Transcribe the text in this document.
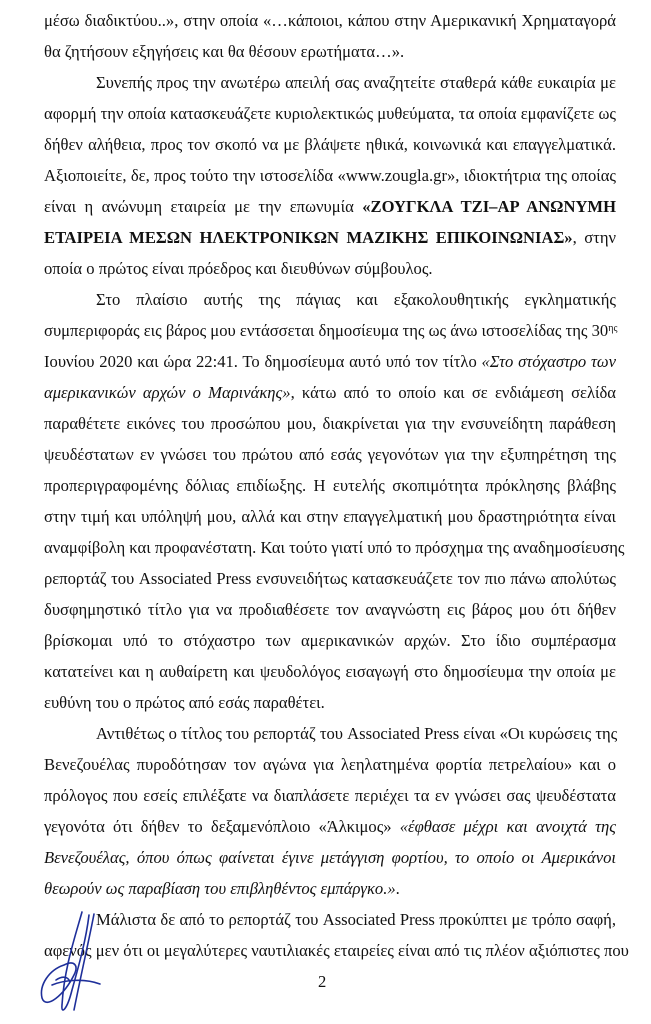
μέσω διαδικτύου..», στην οποία «…κάποιοι, κάπου στην Αμερικανική Χρηματαγορά
θα ζητήσουν εξηγήσεις και θα θέσουν ερωτήματα…».
Συνεπής προς την ανωτέρω απειλή σας αναζητείτε σταθερά κάθε ευκαιρία με
αφορμή την οποία κατασκευάζετε κυριολεκτικώς μυθεύματα, τα οποία εμφανίζετε ως
δήθεν αλήθεια, προς τον σκοπό να με βλάψετε ηθικά, κοινωνικά και επαγγελματικά.
Αξιοποιείτε, δε, προς τούτο την ιστοσελίδα «www.zougla.gr», ιδιοκτήτρια της οποίας
είναι η ανώνυμη εταιρεία με την επωνυμία «ΖΟΥΓΚΛΑ ΤΖΙ–ΑΡ ΑΝΩΝΥΜΗ
ΕΤΑΙΡΕΙΑ ΜΕΣΩΝ ΗΛΕΚΤΡΟΝΙΚΩΝ ΜΑΖΙΚΗΣ ΕΠΙΚΟΙΝΩΝΙΑΣ», στην
οποία ο πρώτος είναι πρόεδρος και διευθύνων σύμβουλος.
Στο πλαίσιο αυτής της πάγιας και εξακολουθητικής εγκληματικής
συμπεριφοράς εις βάρος μου εντάσσεται δημοσίευμα της ως άνω ιστοσελίδας της $30^{\eta\varsigma}$
Ιουνίου 2020 και ώρα 22:41. Το δημοσίευμα αυτό υπό τον τίτλο «Στο στόχαστρο των
αμερικανικών αρχών ο Μαρινάκης», κάτω από το οποίο και σε ενδιάμεση σελίδα
παραθέτετε εικόνες του προσώπου μου, διακρίνεται για την ενσυνείδητη παράθεση
ψευδέστατων εν γνώσει του πρώτου από εσάς γεγονότων για την εξυπηρέτηση της
προπεριγραφομένης δόλιας επιδίωξης. Η ευτελής σκοπιμότητα πρόκλησης βλάβης
στην τιμή και υπόληψή μου, αλλά και στην επαγγελματική μου δραστηριότητα είναι
αναμφίβολη και προφανέστατη. Και τούτο γιατί υπό το πρόσχημα της αναδημοσίευσης
ρεπορτάζ του Associated Press ενσυνειδήτως κατασκευάζετε τον πιο πάνω απολύτως
δυσφημηστικό τίτλο για να προδιαθέσετε τον αναγνώστη εις βάρος μου ότι δήθεν
βρίσκομαι υπό το στόχαστρο των αμερικανικών αρχών. Στο ίδιο συμπέρασμα
κατατείνει και η αυθαίρετη και ψευδολόγος εισαγωγή στο δημοσίευμα την οποία με
ευθύνη του ο πρώτος από εσάς παραθέτει.
Αντιθέτως ο τίτλος του ρεπορτάζ του Associated Press είναι «Οι κυρώσεις της
Βενεζουέλας πυροδότησαν τον αγώνα για λεηλατημένα φορτία πετρελαίου» και ο
πρόλογος που εσείς επιλέξατε να διαπλάσετε περιέχει τα εν γνώσει σας ψευδέστατα
γεγονότα ότι δήθεν το δεξαμενόπλοιο «Άλκιμος» «έφθασε μέχρι και ανοιχτά της
Βενεζουέλας, όπου όπως φαίνεται έγινε μετάγγιση φορτίου, το οποίο οι Αμερικάνοι
θεωρούν ως παραβίαση του επιβληθέντος εμπάργκο.».
Μάλιστα δε από το ρεπορτάζ του Associated Press προκύπτει με τρόπο σαφή,
αφενός μεν ότι οι μεγαλύτερες ναυτιλιακές εταιρείες είναι από τις πλέον αξιόπιστες που
2
